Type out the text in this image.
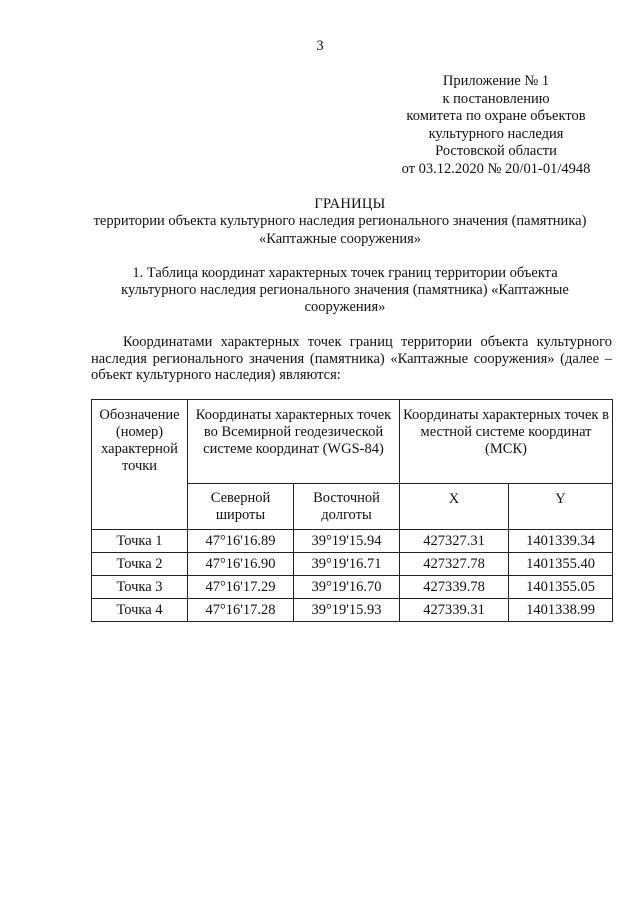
3
Приложение № 1
к постановлению
комитета по охране объектов
культурного наследия
Ростовской области
от 03.12.2020 № 20/01-01/4948
ГРАНИЦЫ
территории объекта культурного наследия регионального значения (памятника)
«Каптажные сооружения»
1. Таблица координат характерных точек границ территории объекта
культурного наследия регионального значения (памятника) «Каптажные
сооружения»
Координатами характерных точек границ территории объекта культурного наследия регионального значения (памятника) «Каптажные сооружения» (далее – объект культурного наследия) являются:
Обозначение (номер) характерной точки	Координаты характерных точек во Всемирной геодезической системе координат (WGS-84)		Координаты характерных точек в местной системе координат (МСК)	
	Северной широты	Восточной долготы	X	Y
Точка 1	47°16'16.89	39°19'15.94	427327.31	1401339.34
Точка 2	47°16'16.90	39°19'16.71	427327.78	1401355.40
Точка 3	47°16'17.29	39°19'16.70	427339.78	1401355.05
Точка 4	47°16'17.28	39°19'15.93	427339.31	1401338.99
